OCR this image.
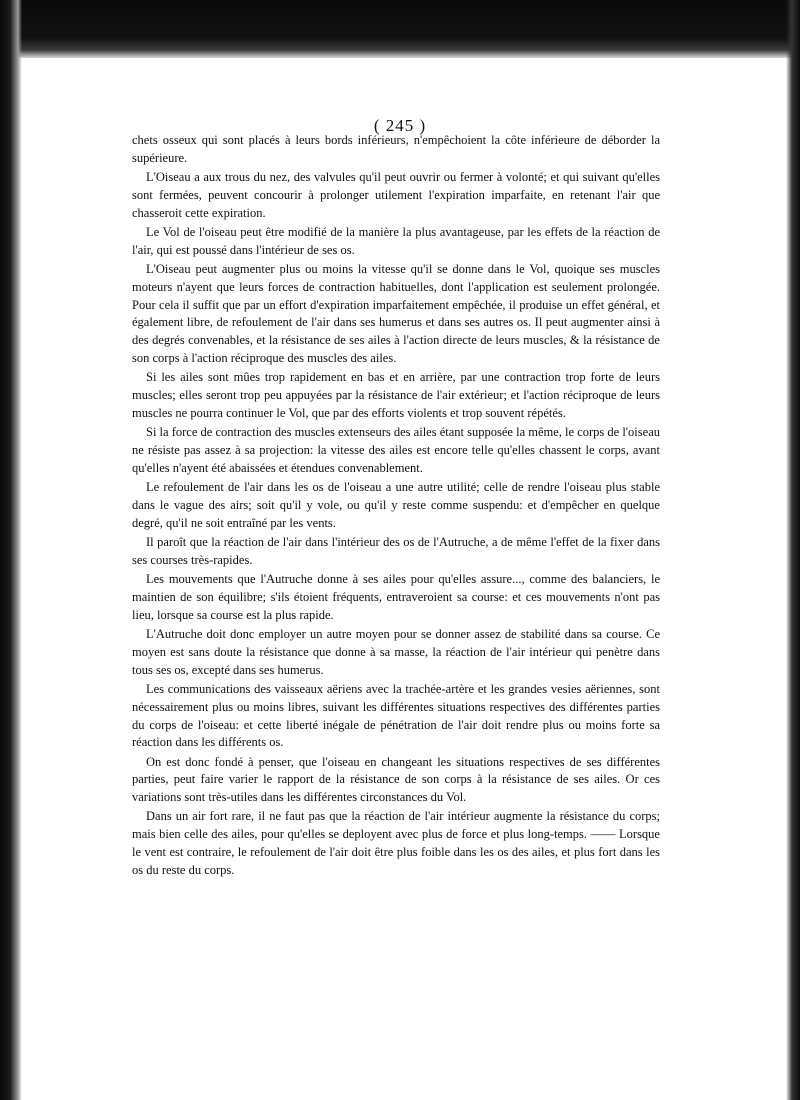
( 245 )

chets osseux qui sont placés à leurs bords inférieurs, n'empêchoient la côte inférieure de déborder la supérieure.

L'Oiseau a aux trous du nez, des valvules qu'il peut ouvrir ou fermer à volonté; et qui suivant qu'elles sont fermées, peuvent concourir à prolonger utilement l'expiration imparfaite, en retenant l'air que chasseroit cette expiration.

Le Vol de l'oiseau peut être modifié de la manière la plus avantageuse, par les effets de la réaction de l'air, qui est poussé dans l'intérieur de ses os.

L'Oiseau peut augmenter plus ou moins la vitesse qu'il se donne dans le Vol, quoique ses muscles moteurs n'ayent que leurs forces de contraction habituelles, dont l'application est seulement prolongée. Pour cela il suffit que par un effort d'expiration imparfaitement empêchée, il produise un effet général, et également libre, de refoulement de l'air dans ses humerus et dans ses autres os. Il peut augmenter ainsi à des degrés convenables, et la résistance de ses ailes à l'action directe de leurs muscles, & la résistance de son corps à l'action réciproque des muscles des ailes.

Si les ailes sont mûes trop rapidement en bas et en arrière, par une contraction trop forte de leurs muscles; elles seront trop peu appuyées par la résistance de l'air extérieur; et l'action réciproque de leurs muscles ne pourra continuer le Vol, que par des efforts violents et trop souvent répétés.

Si la force de contraction des muscles extenseurs des ailes étant supposée la même, le corps de l'oiseau ne résiste pas assez à sa projection: la vitesse des ailes est encore telle qu'elles chassent le corps, avant qu'elles n'ayent été abaissées et étendues convenablement.

Le refoulement de l'air dans les os de l'oiseau a une autre utilité; celle de rendre l'oiseau plus stable dans le vague des airs; soit qu'il y vole, ou qu'il y reste comme suspendu: et d'empêcher en quelque degré, qu'il ne soit entraîné par les vents.

Il paroît que la réaction de l'air dans l'intérieur des os de l'Autruche, a de même l'effet de la fixer dans ses courses très-rapides.

Les mouvements que l'Autruche donne à ses ailes pour qu'elles assure..., comme des balanciers, le maintien de son équilibre; s'ils étoient fréquents, entraveroient sa course: et ces mouvements n'ont pas lieu, lorsque sa course est la plus rapide.

L'Autruche doit donc employer un autre moyen pour se donner assez de stabilité dans sa course. Ce moyen est sans doute la résistance que donne à sa masse, la réaction de l'air intérieur qui penètre dans tous ses os, excepté dans ses humerus.

Les communications des vaisseaux aëriens avec la trachée-artère et les grandes vesies aëriennes, sont nécessairement plus ou moins libres, suivant les différentes situations respectives des différentes parties du corps de l'oiseau: et cette liberté inégale de pénétration de l'air doit rendre plus ou moins forte sa réaction dans les différents os.

On est donc fondé à penser, que l'oiseau en changeant les situations respectives de ses différentes parties, peut faire varier le rapport de la résistance de son corps à la résistance de ses ailes. Or ces variations sont très-utiles dans les différentes circonstances du Vol.

Dans un air fort rare, il ne faut pas que la réaction de l'air intérieur augmente la résistance du corps; mais bien celle des ailes, pour qu'elles se deployent avec plus de force et plus long-temps. —— Lorsque le vent est contraire, le refoulement de l'air doit être plus foible dans les os des ailes, et plus fort dans les os du reste du corps.
